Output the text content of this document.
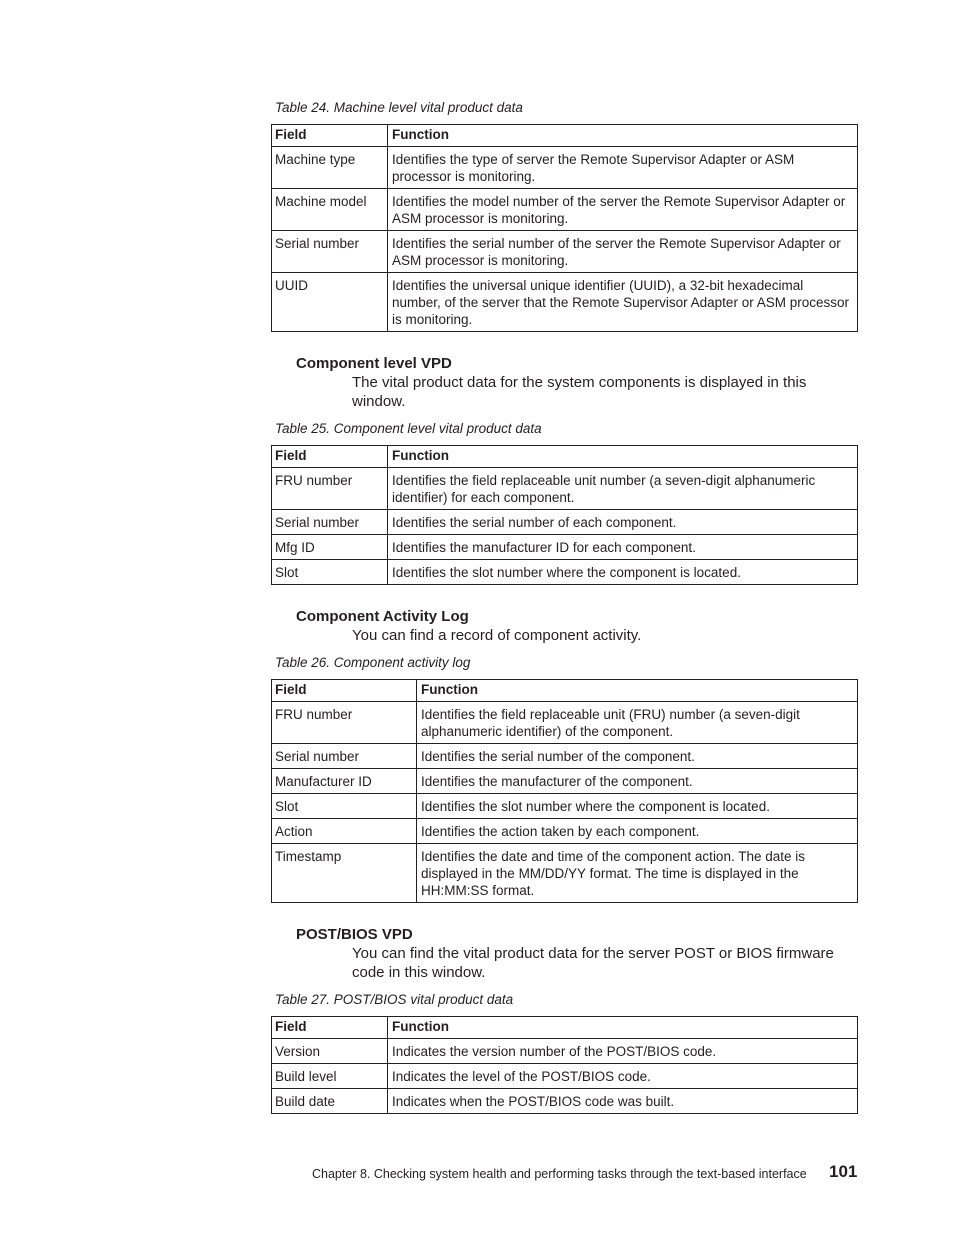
Table 24. Machine level vital product data
Field	Function
Machine type	Identifies the type of server the Remote Supervisor Adapter or ASM processor is monitoring.
Machine model	Identifies the model number of the server the Remote Supervisor Adapter or ASM processor is monitoring.
Serial number	Identifies the serial number of the server the Remote Supervisor Adapter or ASM processor is monitoring.
UUID	Identifies the universal unique identifier (UUID), a 32-bit hexadecimal number, of the server that the Remote Supervisor Adapter or ASM processor is monitoring.
Component level VPD
The vital product data for the system components is displayed in this window.
Table 25. Component level vital product data
Field	Function
FRU number	Identifies the field replaceable unit number (a seven-digit alphanumeric identifier) for each component.
Serial number	Identifies the serial number of each component.
Mfg ID	Identifies the manufacturer ID for each component.
Slot	Identifies the slot number where the component is located.
Component Activity Log
You can find a record of component activity.
Table 26. Component activity log
Field	Function
FRU number	Identifies the field replaceable unit (FRU) number (a seven-digit alphanumeric identifier) of the component.
Serial number	Identifies the serial number of the component.
Manufacturer ID	Identifies the manufacturer of the component.
Slot	Identifies the slot number where the component is located.
Action	Identifies the action taken by each component.
Timestamp	Identifies the date and time of the component action. The date is displayed in the MM/DD/YY format. The time is displayed in the HH:MM:SS format.
POST/BIOS VPD
You can find the vital product data for the server POST or BIOS firmware code in this window.
Table 27. POST/BIOS vital product data
Field	Function
Version	Indicates the version number of the POST/BIOS code.
Build level	Indicates the level of the POST/BIOS code.
Build date	Indicates when the POST/BIOS code was built.
Chapter 8. Checking system health and performing tasks through the text-based interface 101
